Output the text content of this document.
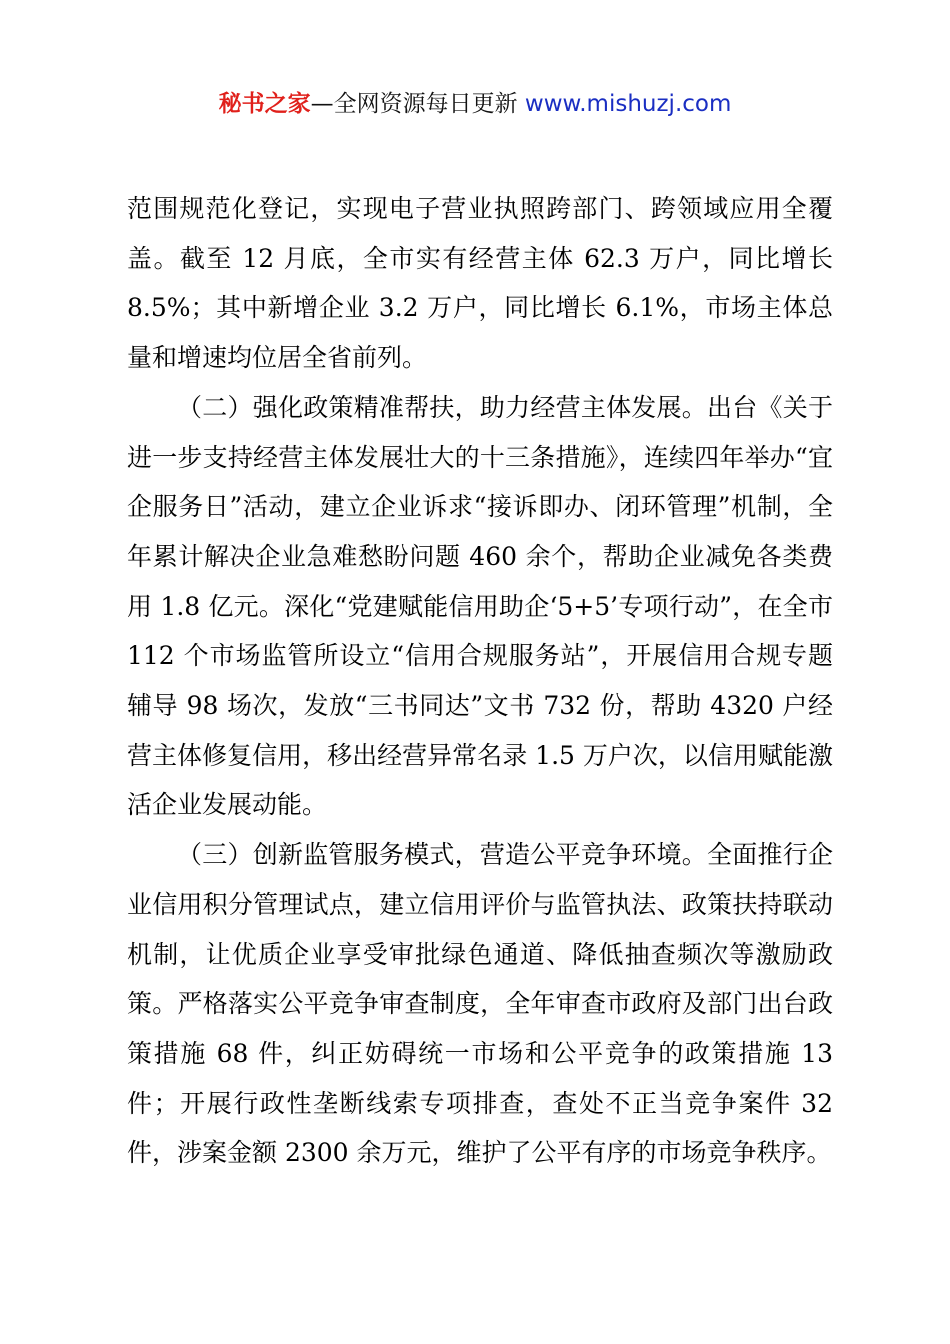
秘书之家—全网资源每日更新 www.mishuzj.com

范围规范化登记，实现电子营业执照跨部门、跨领域应用全覆盖。截至 12 月底，全市实有经营主体 62.3 万户，同比增长 8.5%；其中新增企业 3.2 万户，同比增长 6.1%，市场主体总量和增速均位居全省前列。

（二）强化政策精准帮扶，助力经营主体发展。出台《关于进一步支持经营主体发展壮大的十三条措施》，连续四年举办“宜企服务日”活动，建立企业诉求“接诉即办、闭环管理”机制，全年累计解决企业急难愁盼问题 460 余个，帮助企业减免各类费用 1.8 亿元。深化“党建赋能信用助企‘5+5’专项行动”，在全市 112 个市场监管所设立“信用合规服务站”，开展信用合规专题辅导 98 场次，发放“三书同达”文书 732 份，帮助 4320 户经营主体修复信用，移出经营异常名录 1.5 万户次，以信用赋能激活企业发展动能。

（三）创新监管服务模式，营造公平竞争环境。全面推行企业信用积分管理试点，建立信用评价与监管执法、政策扶持联动机制，让优质企业享受审批绿色通道、降低抽查频次等激励政策。严格落实公平竞争审查制度，全年审查市政府及部门出台政策措施 68 件，纠正妨碍统一市场和公平竞争的政策措施 13 件；开展行政性垄断线索专项排查，查处不正当竞争案件 32 件，涉案金额 2300 余万元，维护了公平有序的市场竞争秩序。
